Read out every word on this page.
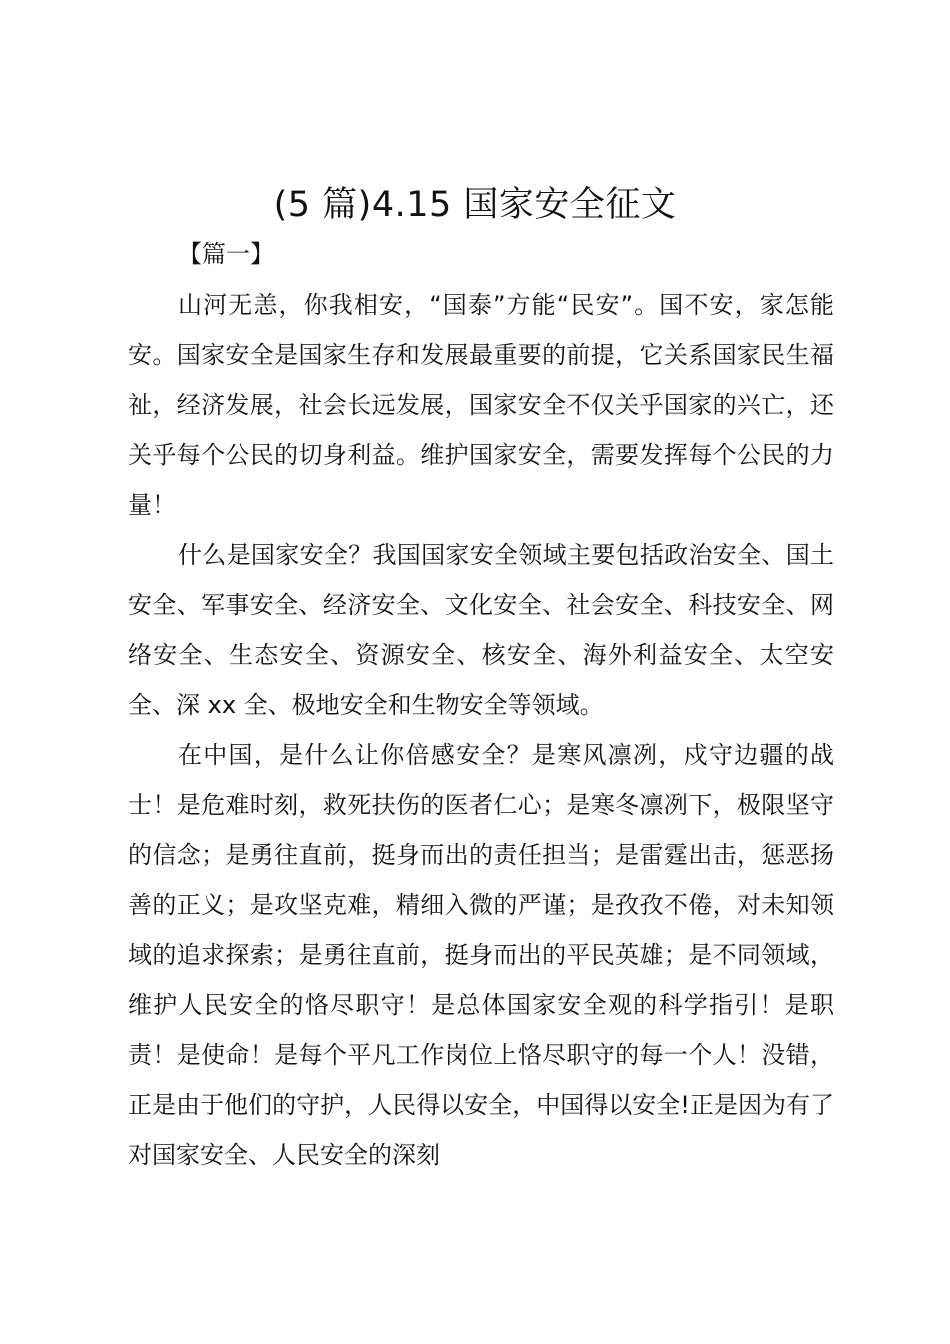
(5 篇)4.15 国家安全征文
【篇一】

山河无恙，你我相安，“国泰”方能“民安”。国不安，家怎能安。国家安全是国家生存和发展最重要的前提，它关系国家民生福祉，经济发展，社会长远发展，国家安全不仅关乎国家的兴亡，还关乎每个公民的切身利益。维护国家安全，需要发挥每个公民的力量！

什么是国家安全？我国国家安全领域主要包括政治安全、国土安全、军事安全、经济安全、文化安全、社会安全、科技安全、网络安全、生态安全、资源安全、核安全、海外利益安全、太空安全、深 xx 全、极地安全和生物安全等领域。

在中国，是什么让你倍感安全？是寒风凛冽，戍守边疆的战士！是危难时刻，救死扶伤的医者仁心；是寒冬凛冽下，极限坚守的信念；是勇往直前，挺身而出的责任担当；是雷霆出击，惩恶扬善的正义；是攻坚克难，精细入微的严谨；是孜孜不倦，对未知领域的追求探索；是勇往直前，挺身而出的平民英雄；是不同领域，维护人民安全的恪尽职守！是总体国家安全观的科学指引！是职责！是使命！是每个平凡工作岗位上恪尽职守的每一个人！没错，正是由于他们的守护，人民得以安全，中国得以安全!正是因为有了对国家安全、人民安全的深刻
